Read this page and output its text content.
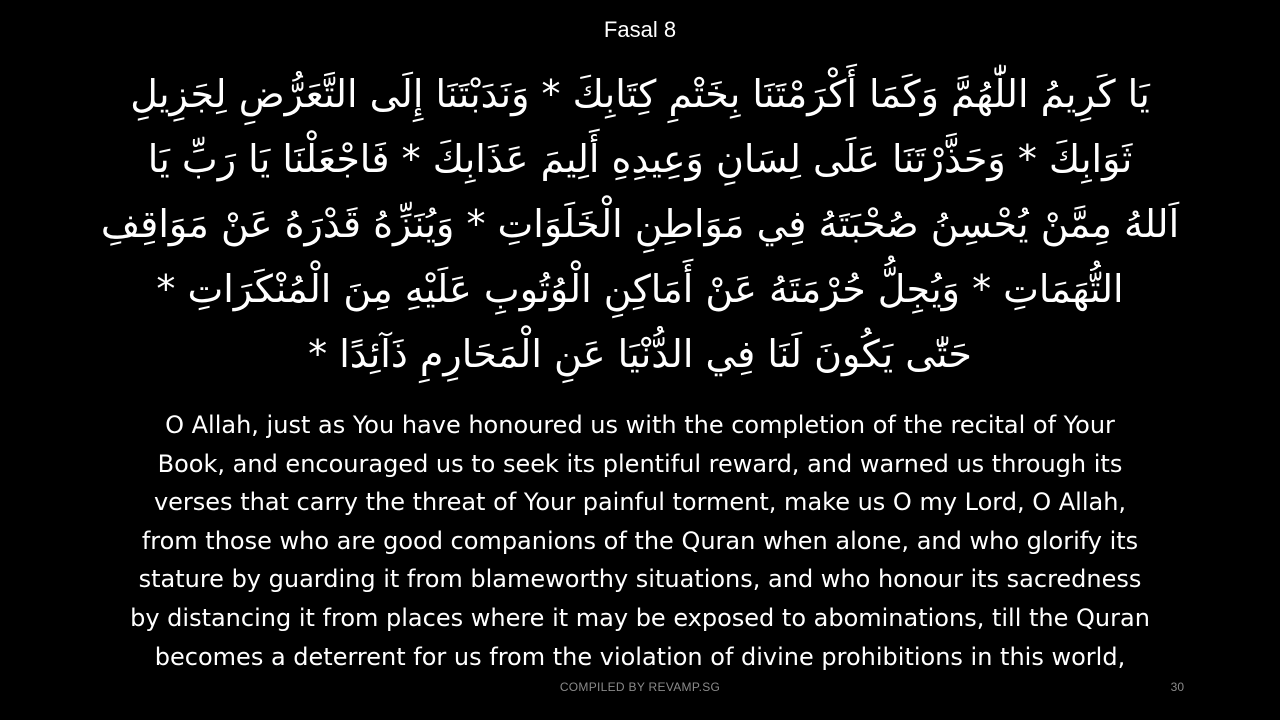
Fasal 8
يَا كَرِيمُ اللّٰهُمَّ وَكَمَا أَكْرَمْتَنَا بِخَتْمِ كِتَابِكَ * وَنَدَبْتَنَا إِلَى التَّعَرُّضِ لِجَزِيلِ
ثَوَابِكَ * وَحَذَّرْتَنَا عَلَى لِسَانِ وَعِيدِهِ أَلِيمَ عَذَابِكَ * فَاجْعَلْنَا يَا رَبِّ يَا
اَللهُ مِمَّنْ يُحْسِنُ صُحْبَتَهُ فِي مَوَاطِنِ الْخَلَوَاتِ * وَيُنَزِّهُ قَدْرَهُ عَنْ مَوَاقِفِ
التُّهَمَاتِ * وَيُجِلُّ حُرْمَتَهُ عَنْ أَمَاكِنِ الْوُتُوبِ عَلَيْهِ مِنَ الْمُنْكَرَاتِ *
حَتّٰى يَكُونَ لَنَا فِي الدُّنْيَا عَنِ الْمَحَارِمِ ذَآئِدًا *
O Allah, just as You have honoured us with the completion of the recital of Your
Book, and encouraged us to seek its plentiful reward, and warned us through its
verses that carry the threat of Your painful torment, make us O my Lord, O Allah,
from those who are good companions of the Quran when alone, and who glorify its
stature by guarding it from blameworthy situations, and who honour its sacredness
by distancing it from places where it may be exposed to abominations, till the Quran
becomes a deterrent for us from the violation of divine prohibitions in this world,
COMPILED BY REVAMP.SG	30
